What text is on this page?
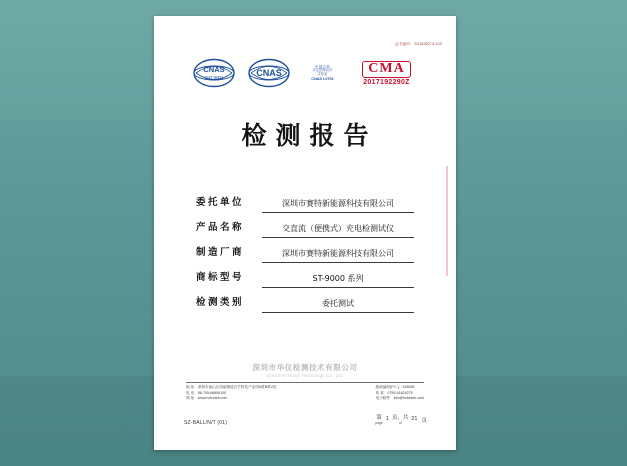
证书编号：SZ18IS074-103
CNAS
ISO 9001	CNAS
中国合格
评定国家认可
实验室
CNAS L0701
CMA
2017192290Z
检测报告
委托单位	深圳市赛特新能源科技有限公司
产品名称	交直流（便携式）充电检测试仪
制造厂商	深圳市赛特新能源科技有限公司
商标型号	ST-9000 系列
检测类别	委托测试
深圳市华仪检测技术有限公司
Shenzhen Huayi Technology Co., Ltd.
地 址：深圳市南山区西丽街道白芒科技产业园A栋B栋2层
电 话：86-755-66856100
网 址：www.hzlcntek.com
邮政编码(P.C.)：518055
传 真：0755-61824275
电子邮件：info@hzlcntek.com
SZ-BALL/N/T (01)
第
page
1 页，共
of
21 页
